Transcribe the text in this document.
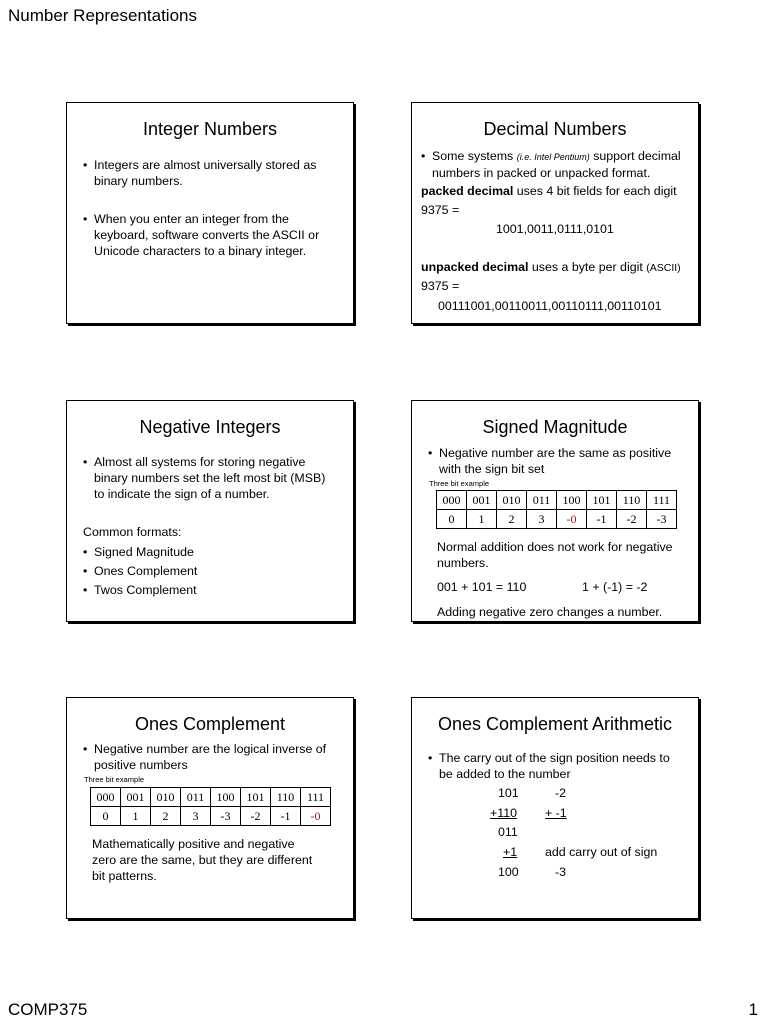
Number Representations
Integer Numbers
• Integers are almost universally stored as
binary numbers.
• When you enter an integer from the
keyboard, software converts the ASCII or
Unicode characters to a binary integer.
Decimal Numbers
• Some systems (i.e. Intel Pentium) support decimal
numbers in packed or unpacked format.
packed decimal uses 4 bit fields for each digit
9375 =
1001,0011,0111,0101
unpacked decimal uses a byte per digit (ASCII)
9375 =
00111001,00110011,00110111,00110101
Negative Integers
• Almost all systems for storing negative
binary numbers set the left most bit (MSB)
to indicate the sign of a number.
Common formats:
• Signed Magnitude
• Ones Complement
• Twos Complement
Signed Magnitude
• Negative number are the same as positive
with the sign bit set
Three bit example
000	001	010	011	100	101	110	111
0	1	2	3	-0	-1	-2	-3
Normal addition does not work for negative
numbers.
001 + 101 = 110	1 + (-1) = -2
Adding negative zero changes a number.
Ones Complement
• Negative number are the logical inverse of
positive numbers
Three bit example
000	001	010	011	100	101	110	111
0	1	2	3	-3	-2	-1	-0
Mathematically positive and negative
zero are the same, but they are different
bit patterns.
Ones Complement Arithmetic
• The carry out of the sign position needs to
be added to the number
101	-2
+110 + -1
011
+1 add carry out of sign
100	-3
COMP375	1
